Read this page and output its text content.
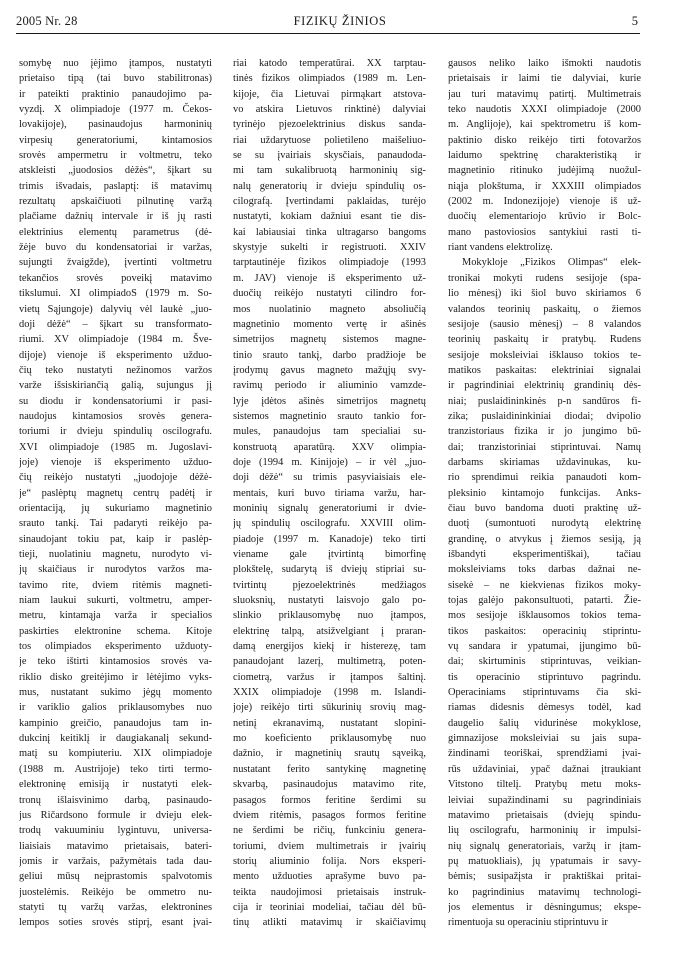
2005 Nr. 28	FIZIKŲ ŽINIOS	5
somybę nuo įėjimo įtampos, nustatyti
prietaiso tipą (tai buvo stabilitronas)
ir pateikti praktinio panaudojimo pa-
vyzdį. X olimpiadoje (1977 m. Čekos-
lovakijoje), pasinaudojus harmoninių
virpesių generatoriumi, kintamosios
srovės ampermetru ir voltmetru, teko
atskleisti „juodosios dėžės“, šįkart su
trimis išvadais, paslaptį: iš matavimų
rezultatų apskaičiuoti pilnutinę varžą
plačiame dažnių intervale ir iš jų rasti
elektrinius elementų parametrus (dė-
žėje buvo du kondensatoriai ir varžas,
sujungti žvaigžde), įvertinti voltmetru
tekančios srovės poveikį matavimo
tikslumui. XI olimpiadoS (1979 m. So-
vietų Sąjungoje) dalyvių vėl laukė „juo-
doji dėžė“ – šįkart su transformato-
riumi. XV olimpiadoje (1984 m. Šve-
dijoje) vienoje iš eksperimento užduo-
čių teko nustatyti nežinomos varžos
varže išsiskiriančią galią, sujungus jį
su diodu ir kondensatoriumi ir pasi-
naudojus kintamosios srovės genera-
toriumi ir dvieju spindulių oscilografu.
XVI olimpiadoje (1985 m. Jugoslavi-
joje) vienoje iš eksperimento užduo-
čių reikėjo nustatyti „juodojoje dėžė-
je“ paslėptų magnetų centrų padėtį ir
orientaciją, jų sukuriamo magnetinio
srauto tankį. Tai padaryti reikėjo pa-
sinaudojant tokiu pat, kaip ir paslėp-
tieji, nuolatiniu magnetu, nurodyto vi-
jų skaičiaus ir nurodytos varžos ma-
tavimo rite, dviem ritėmis magneti-
niam laukui sukurti, voltmetru, amper-
metru, kintamąja varža ir specialios
paskirties elektronine schema. Kitoje
tos olimpiados eksperimento užduoty-
je teko ištirti kintamosios srovės va-
riklio disko greitėjimo ir lėtėjimo vyks-
mus, nustatant sukimo jėgų momento
ir variklio galios priklausomybes nuo
kampinio greičio, panaudojus tam in-
dukcinį keitiklį ir daugiakanalį sekund-
matį su kompiuteriu. XIX olimpiadoje
(1988 m. Austrijoje) teko tirti termo-
elektroninę emisiją ir nustatyti elek-
tronų išlaisvinimo darbą, pasinaudo-
jus Ričardsono formule ir dvieju elek-
trodų vakuuminiu lygintuvu, universa-
liaisiais matavimo prietaisais, bateri-
jomis ir varžais, pažymėtais tada dau-
geliui mūsų neįprastomis spalvotomis
juostelėmis. Reikėjo be ommetro nu-
statyti tų varžų varžas, elektronines
lempos soties srovės stiprį, esant įvai-
riai katodo temperatūrai. XX tarptau-
tinės fizikos olimpiados (1989 m. Len-
kijoje, čia Lietuvai pirmąkart atstova-
vo atskira Lietuvos rinktinė) dalyviai
tyrinėjo pjezoelektrinius diskus sanda-
riai uždarytuose polietileno maišeliuo-
se su įvairiais skysčiais, panaudoda-
mi tam sukalibruotą harmoninių sig-
nalų generatorių ir dvieju spindulių os-
cilografą. Įvertindami paklaidas, turėjo
nustatyti, kokiam dažniui esant tie dis-
kai labiausiai tinka ultragarso bangoms
skystyje sukelti ir registruoti. XXIV
tarptautinėje fizikos olimpiadoje (1993
m. JAV) vienoje iš eksperimento už-
duočių reikėjo nustatyti cilindro for-
mos nuolatinio magneto absoliučią
magnetinio momento vertę ir ašinės
simetrijos magnetų sistemos magne-
tinio srauto tankį, darbo pradžioje be
įrodymų gavus magneto mažųjų svy-
ravimų periodo ir aliuminio vamzde-
lyje įdėtos ašinės simetrijos magnetų
sistemos magnetinio srauto tankio for-
mules, panaudojus tam specialiai su-
konstruotą aparatūrą. XXV olimpia-
doje (1994 m. Kinijoje) – ir vėl „juo-
doji dėžė“ su trimis pasyviaisiais ele-
mentais, kuri buvo tiriama varžu, har-
moninių signalų generatoriumi ir dvie-
jų spindulių oscilografu. XXVIII olim-
piadoje (1997 m. Kanadoje) teko tirti
viename gale įtvirtintą bimorfinę
plokštelę, sudarytą iš dviejų stipriai su-
tvirtintų pjezoelektrinės medžiagos
sluoksnių, nustatyti laisvojo galo po-
slinkio priklausomybę nuo įtampos,
elektrinę talpą, atsižvelgiant į praran-
damą energijos kiekį ir histerezę, tam
panaudojant lazerį, multimetrą, poten-
ciometrą, varžus ir įtampos šaltinį.
XXIX olimpiadoje (1998 m. Islandi-
joje) reikėjo tirti sūkurinių srovių mag-
netinį ekranavimą, nustatant slopini-
mo koeficiento priklausomybę nuo
dažnio, ir magnetinių srautų sąveiką,
nustatant ferito santykinę magnetinę
skvarbą, pasinaudojus matavimo rite,
pasagos formos feritine šerdimi su
dviem ritėmis, pasagos formos feritine
ne šerdimi be ričių, funkciniu genera-
toriumi, dviem multimetrais ir įvairių
storių aliuminio folija. Nors eksperi-
mento užduoties aprašyme buvo pa-
teikta naudojimosi prietaisais instruk-
cija ir teoriniai modeliai, tačiau dėl bū-
tinų atlikti matavimų ir skaičiavimų
gausos neliko laiko išmokti naudotis
prietaisais ir laimi tie dalyviai, kurie
jau turi matavimų patirtį. Multimetrais
teko naudotis XXXI olimpiadoje (2000
m. Anglijoje), kai spektrometru iš kom-
paktinio disko reikėjo tirti fotovaržos
laidumo spektrinę charakteristiką ir
magnetinio ritinuko judėjimą nuožul-
niąja plokštuma, ir XXXIII olimpiados
(2002 m. Indonezijoje) vienoje iš už-
duočių elementariojo krūvio ir Bolc-
mano pastoviosios santykiui rasti ti-
riant vandens elektrolizę.
Mokykloje „Fizikos Olimpas“ elek-
tronikai mokyti rudens sesijoje (spa-
lio mėnesį) iki šiol buvo skiriamos 6
valandos teorinių paskaitų, o žiemos
sesijoje (sausio mėnesį) – 8 valandos
teorinių paskaitų ir pratybų. Rudens
sesijoje moksleiviai išklauso tokios te-
matikos paskaitas: elektriniai signalai
ir pagrindiniai elektrinių grandinių dės-
niai; puslaidininkinės p-n sandūros fi-
zika; puslaidininkiniai diodai; dvipolio
tranzistoriaus fizika ir jo jungimo bū-
dai; tranzistoriniai stiprintuvai. Namų
darbams skiriamas uždavinukas, ku-
rio sprendimui reikia panaudoti kom-
pleksinio kintamojo funkcijas. Anks-
čiau buvo bandoma duoti praktinę už-
duotį (sumontuoti nurodytą elektrinę
grandinę, o atvykus į žiemos sesiją, ją
išbandyti eksperimentiškai), tačiau
moksleiviams toks darbas dažnai ne-
sisekė – ne kiekvienas fizikos moky-
tojas galėjo pakonsultuoti, patarti. Žie-
mos sesijoje išklausomos tokios tema-
tikos paskaitos: operacinių stiprintu-
vų sandara ir ypatumai, įjungimo bū-
dai; skirtuminis stiprintuvas, veikian-
tis operacinio stiprintuvo pagrindu.
Operaciniams stiprintuvams čia ski-
riamas didesnis dėmesys todėl, kad
daugelio šalių vidurinėse mokyklose,
gimnazijose moksleiviai su jais supa-
žindinami teoriškai, sprendžiami įvai-
rūs uždaviniai, ypač dažnai įtraukiant
Vitstono tiltelį. Pratybų metu moks-
leiviai supažindinami su pagrindiniais
matavimo prietaisais (dviejų spindu-
lių oscilografu, harmoninių ir impulsi-
nių signalų generatoriais, varžų ir įtam-
pų matuokliais), jų ypatumais ir savy-
bėmis; susipažįsta ir praktiškai pritai-
ko pagrindinius matavimų technologi-
jos elementus ir dėsningumus; ekspe-
rimentuoja su operaciniu stiprintuvu ir
